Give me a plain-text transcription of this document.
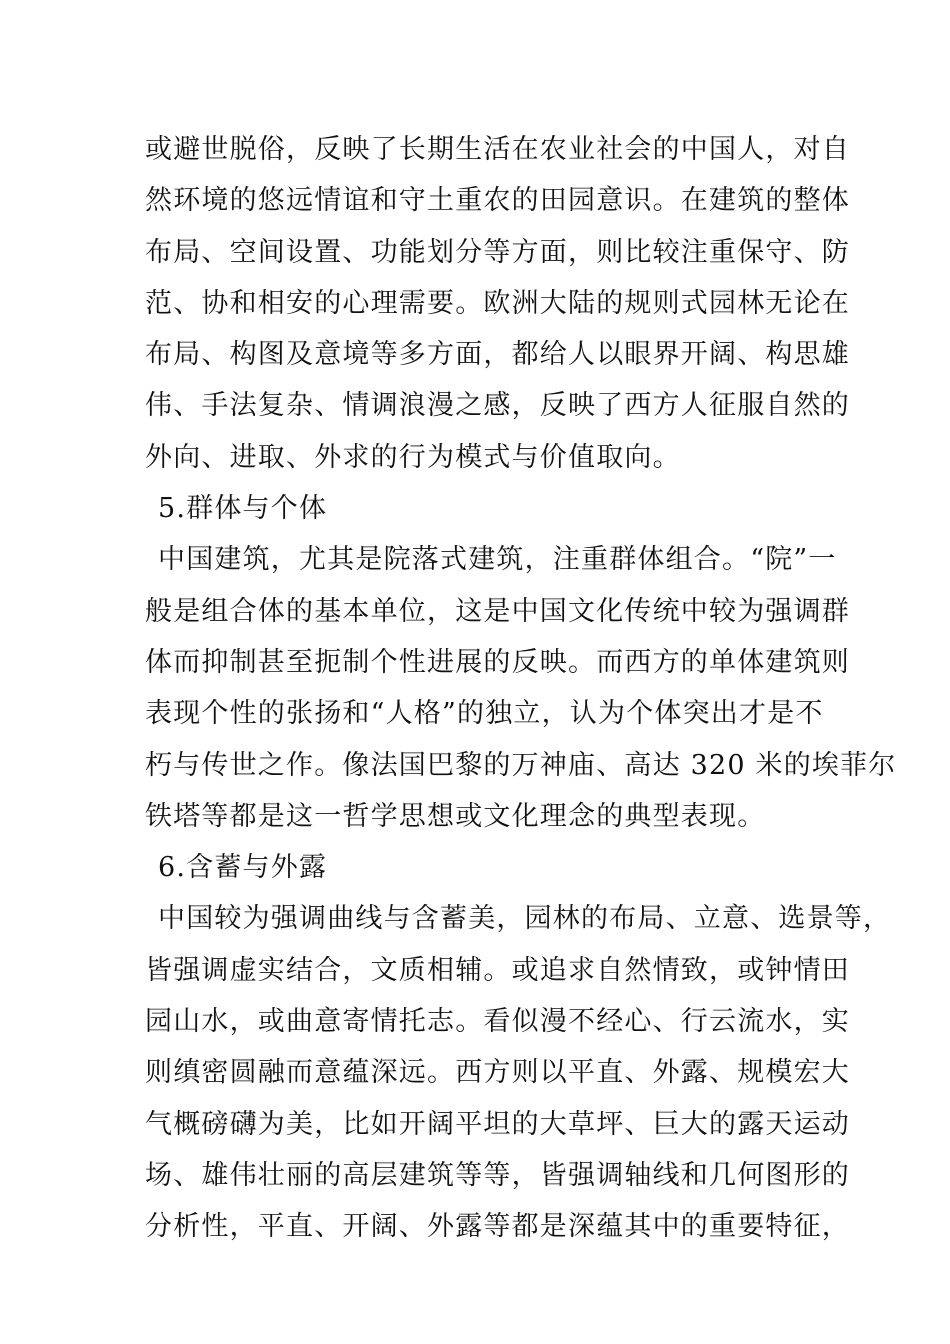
或避世脱俗，反映了长期生活在农业社会的中国人，对自
然环境的悠远情谊和守土重农的田园意识。在建筑的整体
布局、空间设置、功能划分等方面，则比较注重保守、防
范、协和相安的心理需要。欧洲大陆的规则式园林无论在
布局、构图及意境等多方面，都给人以眼界开阔、构思雄
伟、手法复杂、情调浪漫之感，反映了西方人征服自然的
外向、进取、外求的行为模式与价值取向。
5.群体与个体
中国建筑，尤其是院落式建筑，注重群体组合。“院”一
般是组合体的基本单位，这是中国文化传统中较为强调群
体而抑制甚至扼制个性进展的反映。而西方的单体建筑则
表现个性的张扬和“人格”的独立，认为个体突出才是不
朽与传世之作。像法国巴黎的万神庙、高达 320 米的埃菲尔
铁塔等都是这一哲学思想或文化理念的典型表现。
6.含蓄与外露
中国较为强调曲线与含蓄美，园林的布局、立意、选景等，
皆强调虚实结合，文质相辅。或追求自然情致，或钟情田
园山水，或曲意寄情托志。看似漫不经心、行云流水，实
则缜密圆融而意蕴深远。西方则以平直、外露、规模宏大
气概磅礴为美，比如开阔平坦的大草坪、巨大的露天运动
场、雄伟壮丽的高层建筑等等，皆强调轴线和几何图形的
分析性，平直、开阔、外露等都是深蕴其中的重要特征，
